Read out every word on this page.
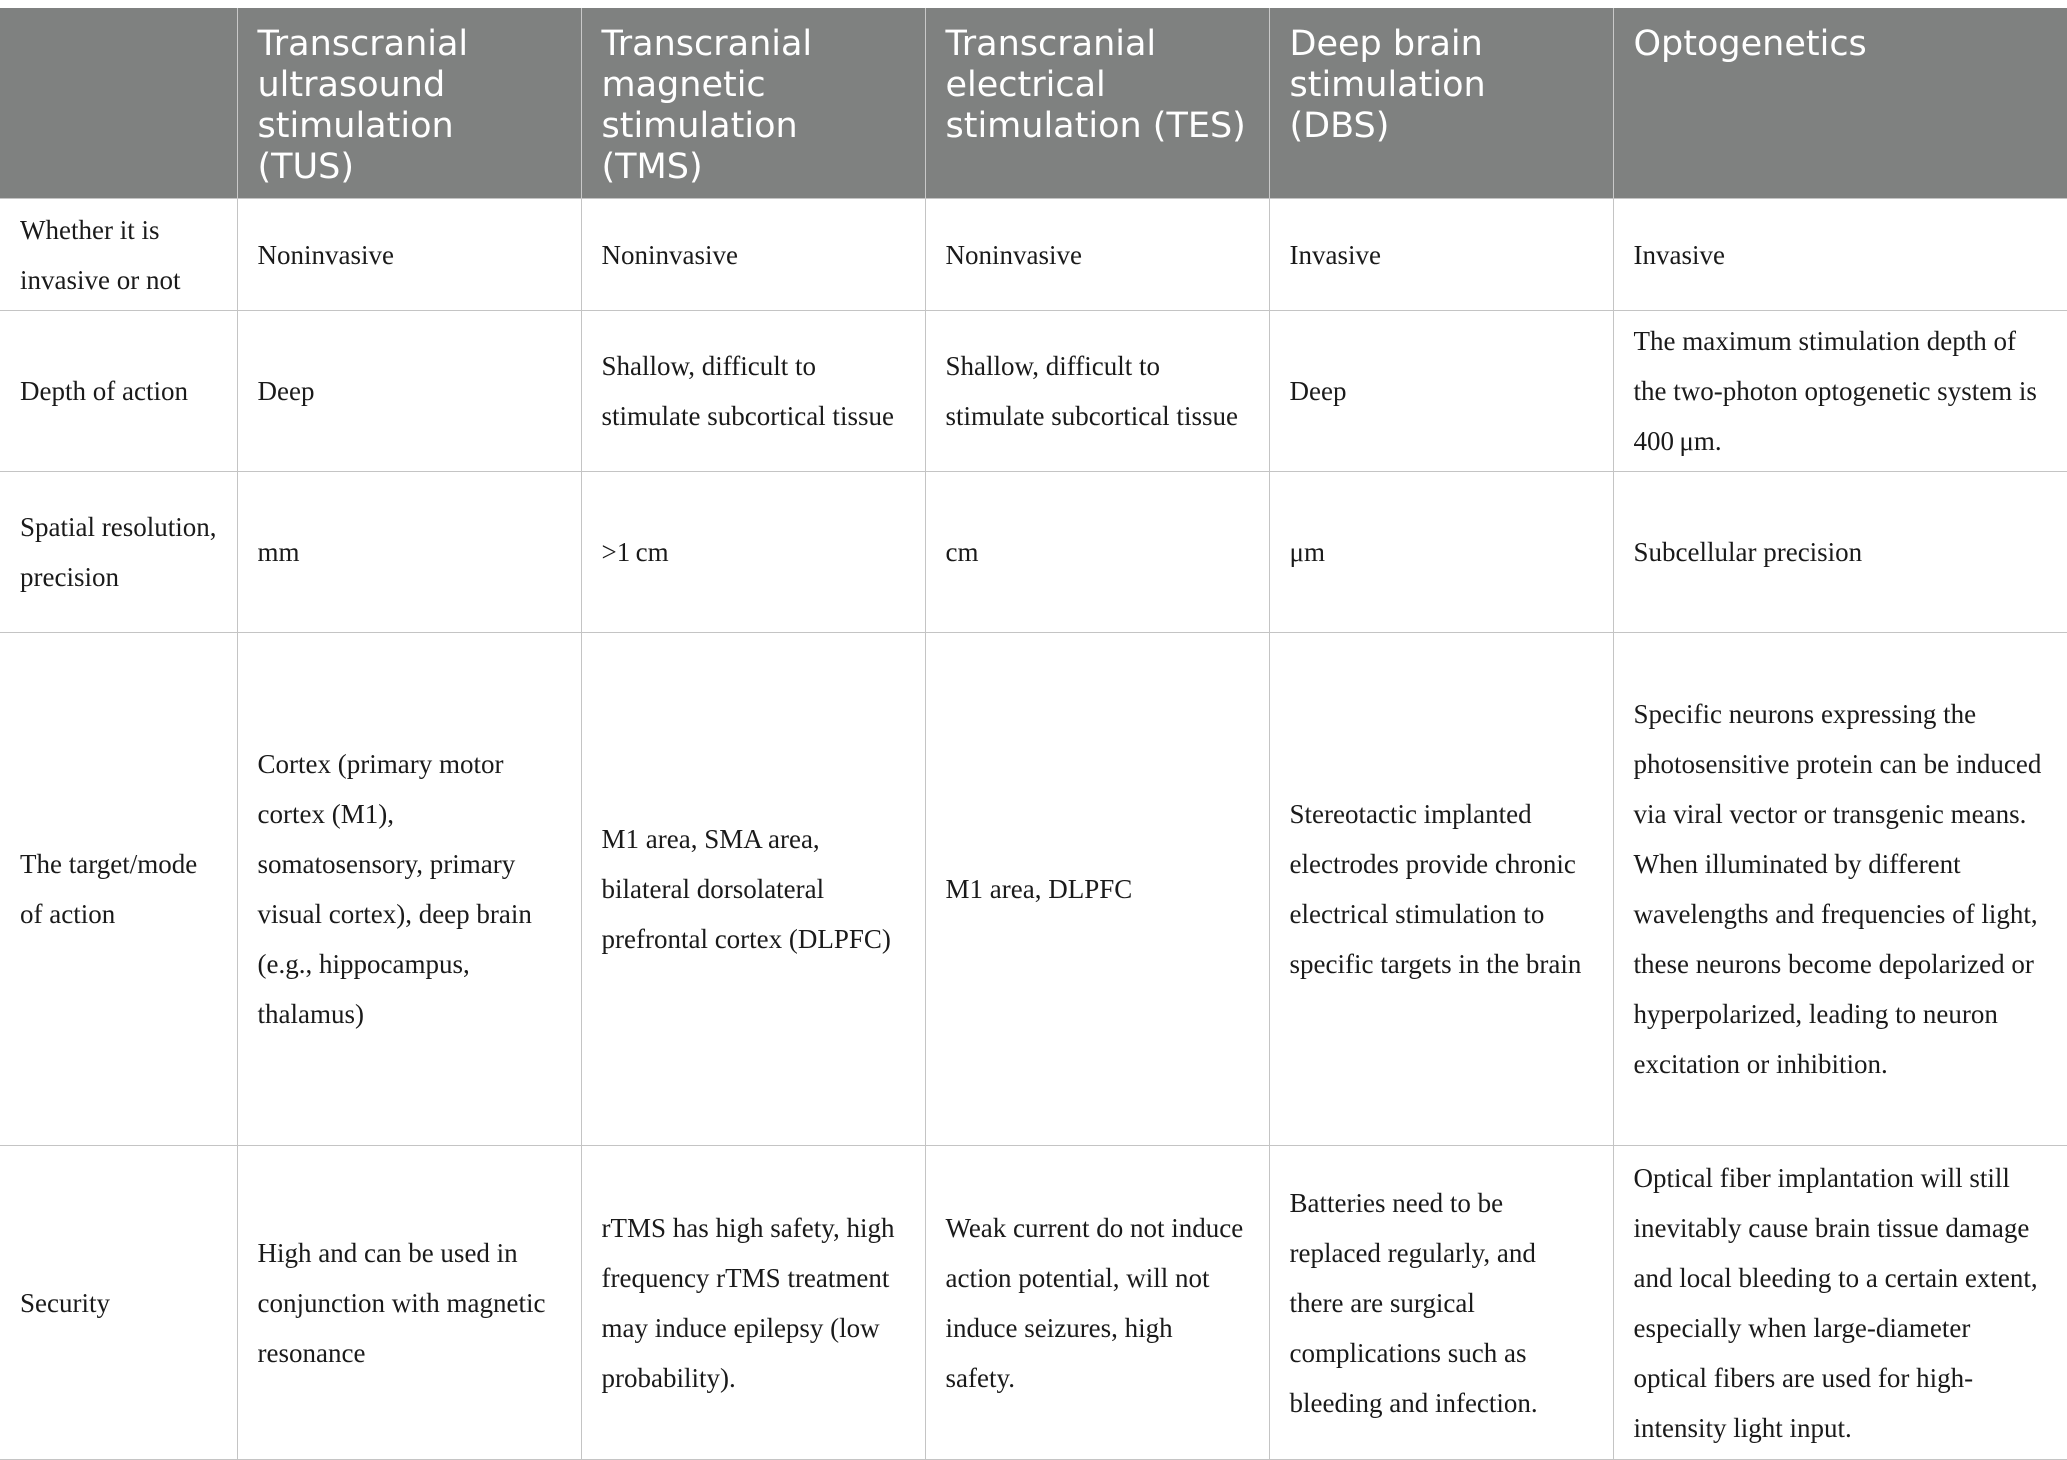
	Transcranial ultrasound stimulation (TUS)	Transcranial magnetic stimulation (TMS)	Transcranial electrical stimulation (TES)	Deep brain stimulation (DBS)	Optogenetics
Whether it is invasive or not	Noninvasive	Noninvasive	Noninvasive	Invasive	Invasive
Depth of action	Deep	Shallow, difficult to stimulate subcortical tissue	Shallow, difficult to stimulate subcortical tissue	Deep	The maximum stimulation depth of the two-photon optogenetic system is 400 μm.
Spatial resolution, precision	mm	>1 cm	cm	μm	Subcellular precision
The target/mode of action	Cortex (primary motor cortex (M1), somatosensory, primary visual cortex), deep brain (e.g., hippocampus, thalamus)	M1 area, SMA area, bilateral dorsolateral prefrontal cortex (DLPFC)	M1 area, DLPFC	Stereotactic implanted electrodes provide chronic electrical stimulation to specific targets in the brain	Specific neurons expressing the photosensitive protein can be induced via viral vector or transgenic means. When illuminated by different wavelengths and frequencies of light, these neurons become depolarized or hyperpolarized, leading to neuron excitation or inhibition.
Security	High and can be used in conjunction with magnetic resonance	rTMS has high safety, high frequency rTMS treatment may induce epilepsy (low probability).	Weak current do not induce action potential, will not induce seizures, high safety.	Batteries need to be replaced regularly, and there are surgical complications such as bleeding and infection.	Optical fiber implantation will still inevitably cause brain tissue damage and local bleeding to a certain extent, especially when large-diameter optical fibers are used for high-intensity light input.
